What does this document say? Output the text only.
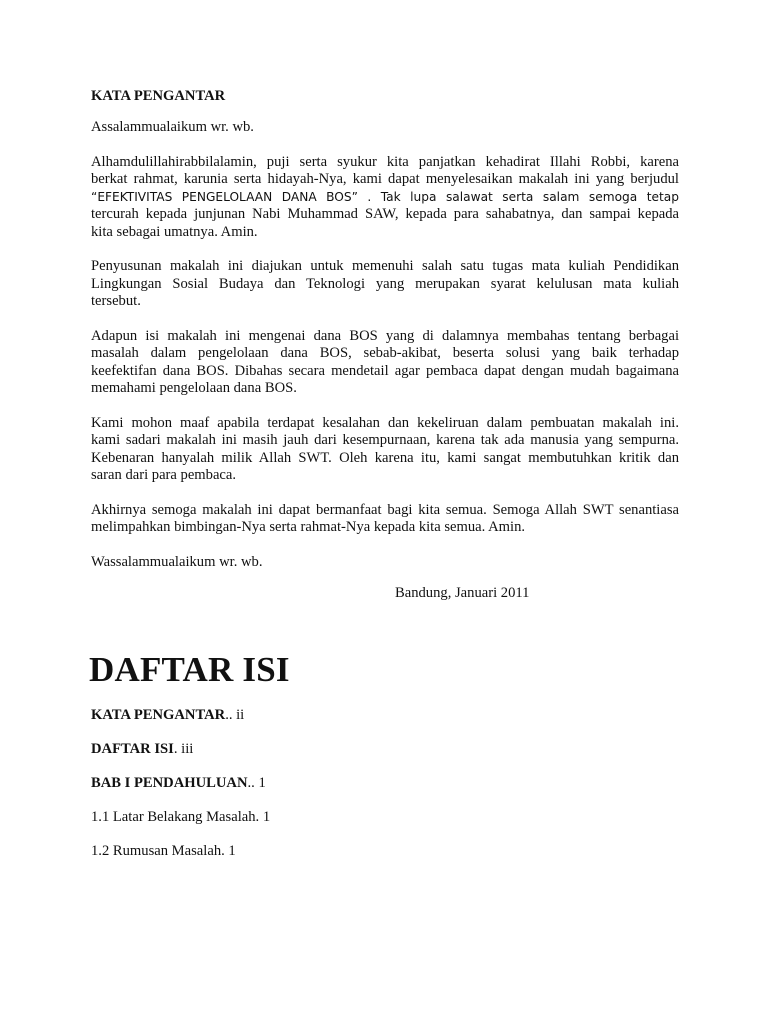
KATA PENGANTAR
Assalammualaikum wr. wb.
Alhamdulillahirabbilalamin, puji serta syukur kita panjatkan kehadirat Illahi Robbi, karena
berkat rahmat, karunia serta hidayah-Nya, kami dapat menyelesaikan makalah ini yang berjudul
“EFEKTIVITAS PENGELOLAAN DANA BOS” . Tak lupa salawat serta salam semoga tetap
tercurah kepada junjunan Nabi Muhammad SAW, kepada para sahabatnya, dan sampai kepada
kita sebagai umatnya. Amin.
Penyusunan makalah ini diajukan untuk memenuhi salah satu tugas mata kuliah Pendidikan
Lingkungan Sosial Budaya dan Teknologi yang merupakan syarat kelulusan mata kuliah
tersebut.
Adapun isi makalah ini mengenai dana BOS yang di dalamnya membahas tentang berbagai
masalah dalam pengelolaan dana BOS, sebab-akibat, beserta solusi yang baik terhadap
keefektifan dana BOS. Dibahas secara mendetail agar pembaca dapat dengan mudah bagaimana
memahami pengelolaan dana BOS.
Kami mohon maaf apabila terdapat kesalahan dan kekeliruan dalam pembuatan makalah ini.
kami sadari makalah ini masih jauh dari kesempurnaan, karena tak ada manusia yang sempurna.
Kebenaran hanyalah milik Allah SWT. Oleh karena itu, kami sangat membutuhkan kritik dan
saran dari para pembaca.
Akhirnya semoga makalah ini dapat bermanfaat bagi kita semua. Semoga Allah SWT senantiasa
melimpahkan bimbingan-Nya serta rahmat-Nya kepada kita semua. Amin.
Wassalammualaikum wr. wb.
Bandung, Januari 2011
DAFTAR ISI
KATA PENGANTAR.. ii
DAFTAR ISI. iii
BAB I PENDAHULUAN.. 1
1.1 Latar Belakang Masalah. 1
1.2 Rumusan Masalah. 1
